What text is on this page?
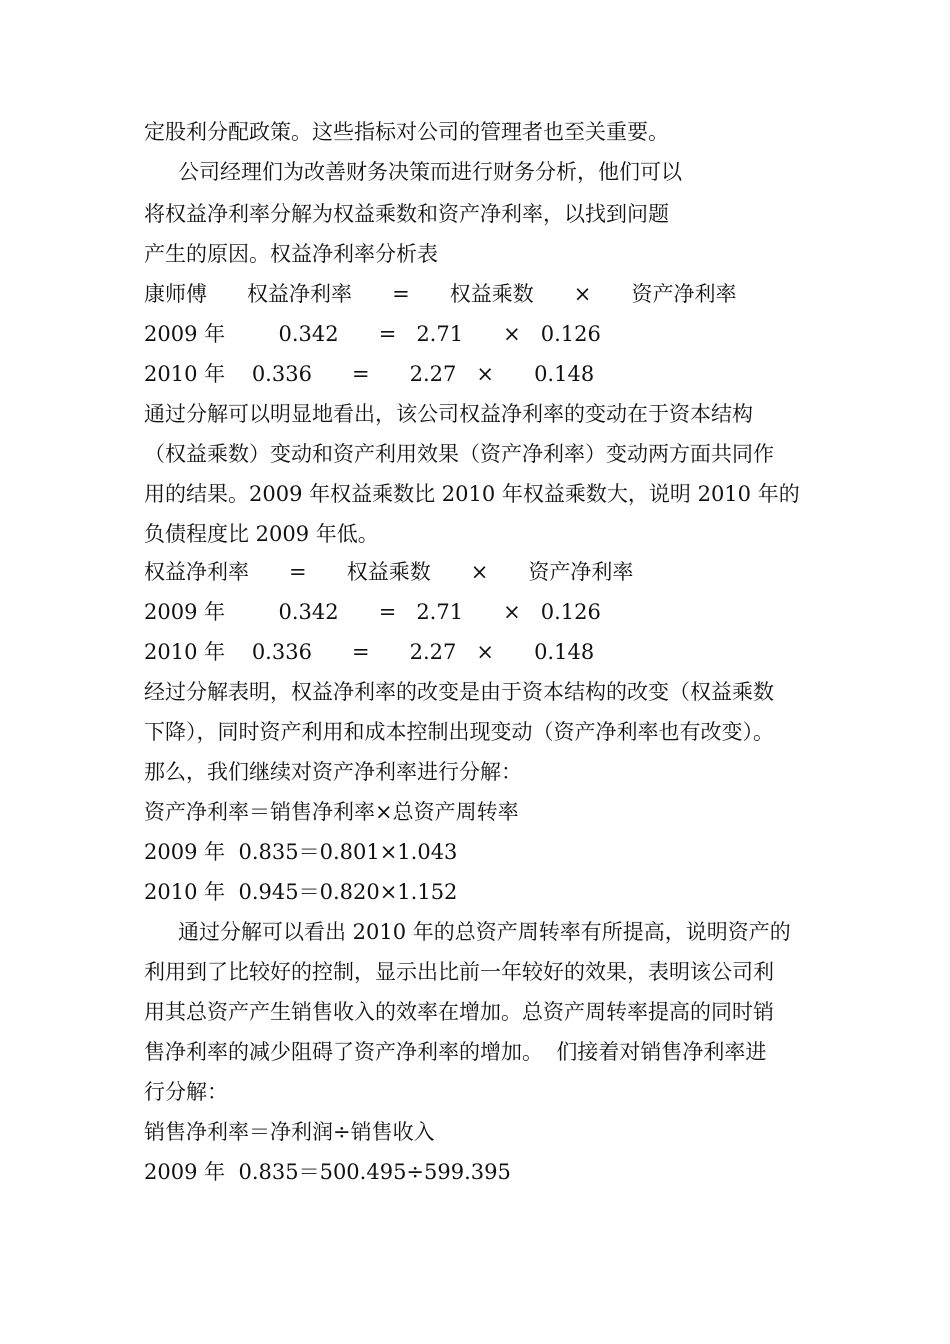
定股利分配政策。这些指标对公司的管理者也至关重要。
公司经理们为改善财务决策而进行财务分析，他们可以
将权益净利率分解为权益乘数和资产净利率，以找到问题
产生的原因。权益净利率分析表
康师傅      权益净利率      =      权益乘数      ×      资产净利率
2009 年        0.342      =   2.71      ×   0.126
2010 年    0.336      =      2.27   ×      0.148
通过分解可以明显地看出，该公司权益净利率的变动在于资本结构
（权益乘数）变动和资产利用效果（资产净利率）变动两方面共同作
用的结果。2009 年权益乘数比 2010 年权益乘数大，说明 2010 年的
负债程度比 2009 年低。
权益净利率      =      权益乘数      ×      资产净利率
2009 年        0.342      =   2.71      ×   0.126
2010 年    0.336      =      2.27   ×      0.148
经过分解表明，权益净利率的改变是由于资本结构的改变（权益乘数
下降），同时资产利用和成本控制出现变动（资产净利率也有改变）。
那么，我们继续对资产净利率进行分解：
资产净利率＝销售净利率×总资产周转率
2009 年  0.835＝0.801×1.043
2010 年  0.945＝0.820×1.152
通过分解可以看出 2010 年的总资产周转率有所提高，说明资产的
利用到了比较好的控制，显示出比前一年较好的效果，表明该公司利
用其总资产产生销售收入的效率在增加。总资产周转率提高的同时销
售净利率的减少阻碍了资产净利率的增加。  们接着对销售净利率进
行分解：
销售净利率＝净利润÷销售收入
2009 年  0.835＝500.495÷599.395
